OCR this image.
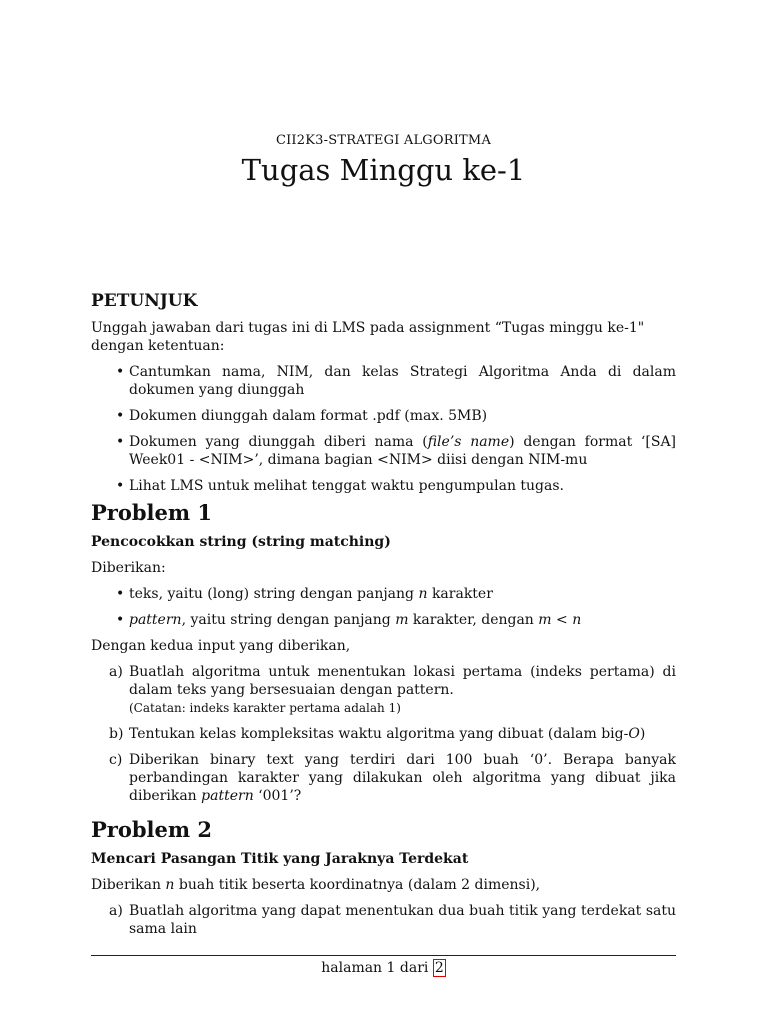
CII2K3-STRATEGI ALGORITMA
Tugas Minggu ke-1
PETUNJUK

Unggah jawaban dari tugas ini di LMS pada assignment “Tugas minggu ke-1" dengan ketentuan:

• Cantumkan nama, NIM, dan kelas Strategi Algoritma Anda di dalam dokumen yang diunggah
• Dokumen diunggah dalam format .pdf (max. 5MB)
• Dokumen yang diunggah diberi nama (file’s name) dengan format ‘[SA] Week01 - <NIM>’, dimana bagian <NIM> diisi dengan NIM-mu
• Lihat LMS untuk melihat tenggat waktu pengumpulan tugas.
Problem 1

Pencocokkan string (string matching)

Diberikan:

• teks, yaitu (long) string dengan panjang n karakter
• pattern, yaitu string dengan panjang m karakter, dengan m < n

Dengan kedua input yang diberikan,

a) Buatlah algoritma untuk menentukan lokasi pertama (indeks pertama) di dalam teks yang bersesuaian dengan pattern.
(Catatan: indeks karakter pertama adalah 1)
b) Tentukan kelas kompleksitas waktu algoritma yang dibuat (dalam big-O)
c) Diberikan binary text yang terdiri dari 100 buah ‘0’. Berapa banyak perbandingan karakter yang dilakukan oleh algoritma yang dibuat jika diberikan pattern ‘001’?
Problem 2

Mencari Pasangan Titik yang Jaraknya Terdekat

Diberikan n buah titik beserta koordinatnya (dalam 2 dimensi),

a) Buatlah algoritma yang dapat menentukan dua buah titik yang terdekat satu sama lain
halaman 1 dari 2
